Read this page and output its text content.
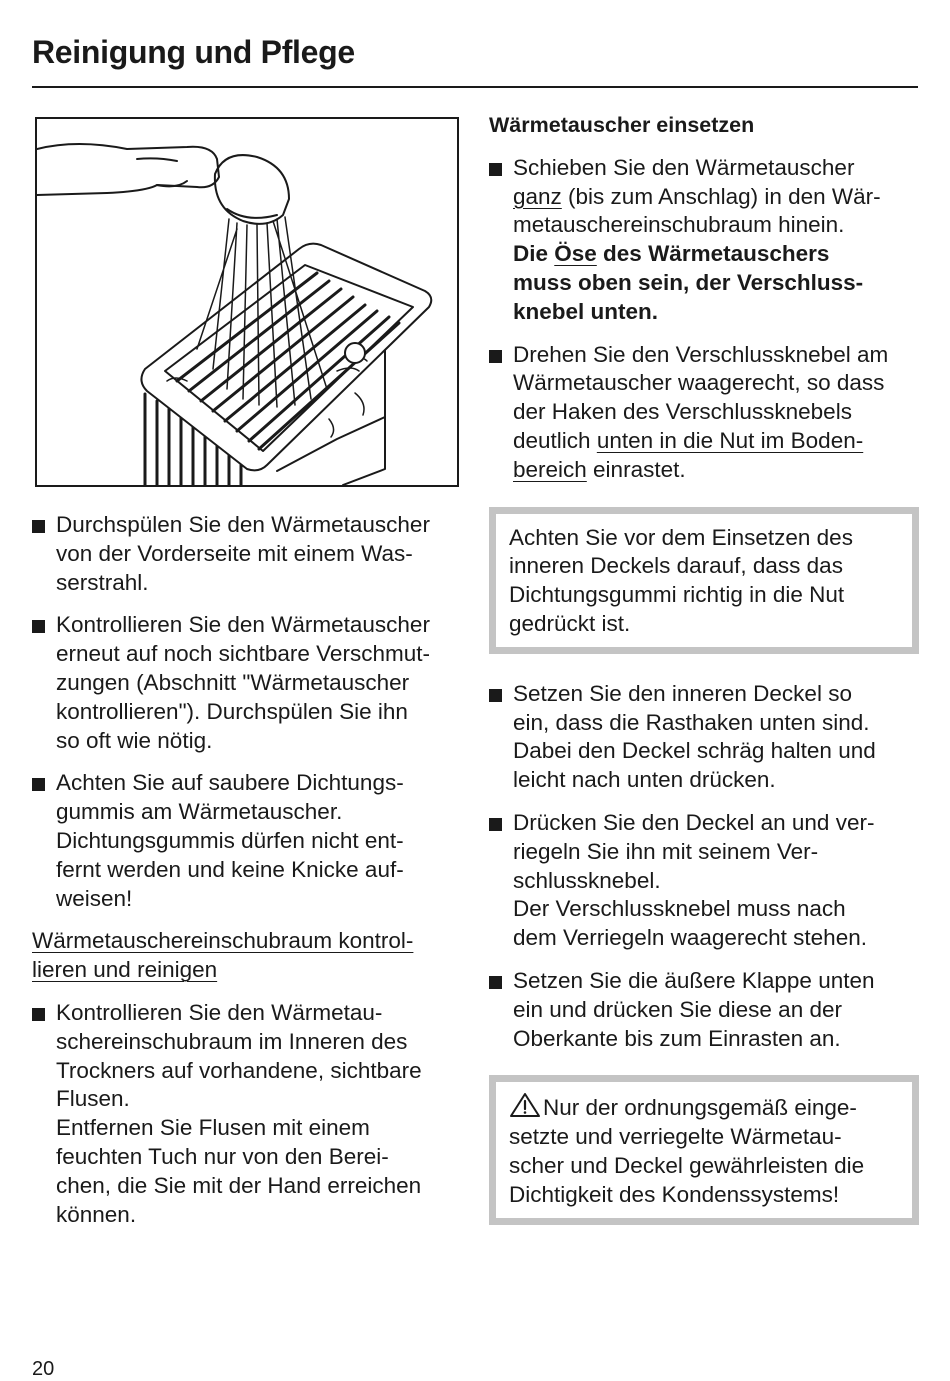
Reinigung und Pflege
Durchspülen Sie den Wärmetauscher
von der Vorderseite mit einem Was-
serstrahl.
Kontrollieren Sie den Wärmetauscher
erneut auf noch sichtbare Verschmut-
zungen (Abschnitt "Wärmetauscher
kontrollieren"). Durchspülen Sie ihn
so oft wie nötig.
Achten Sie auf saubere Dichtungs-
gummis am Wärmetauscher.
Dichtungsgummis dürfen nicht ent-
fernt werden und keine Knicke auf-
weisen!
Wärmetauschereinschubraum kontrol-
lieren und reinigen
Kontrollieren Sie den Wärmetau-
schereinschubraum im Inneren des
Trockners auf vorhandene, sichtbare
Flusen.
Entfernen Sie Flusen mit einem
feuchten Tuch nur von den Berei-
chen, die Sie mit der Hand erreichen
können.
Wärmetauscher einsetzen
Schieben Sie den Wärmetauscher
ganz (bis zum Anschlag) in den Wär-
metauschereinschubraum hinein.
Die Öse des Wärmetauschers
muss oben sein, der Verschluss-
knebel unten.
Drehen Sie den Verschlussknebel am
Wärmetauscher waagerecht, so dass
der Haken des Verschlussknebels
deutlich unten in die Nut im Boden-
bereich einrastet.
Achten Sie vor dem Einsetzen des
inneren Deckels darauf, dass das
Dichtungsgummi richtig in die Nut
gedrückt ist.
Setzen Sie den inneren Deckel so
ein, dass die Rasthaken unten sind.
Dabei den Deckel schräg halten und
leicht nach unten drücken.
Drücken Sie den Deckel an und ver-
riegeln Sie ihn mit seinem Ver-
schlussknebel.
Der Verschlussknebel muss nach
dem Verriegeln waagerecht stehen.
Setzen Sie die äußere Klappe unten
ein und drücken Sie diese an der
Oberkante bis zum Einrasten an.
Nur der ordnungsgemäß einge-
setzte und verriegelte Wärmetau-
scher und Deckel gewährleisten die
Dichtigkeit des Kondenssystems!
20
